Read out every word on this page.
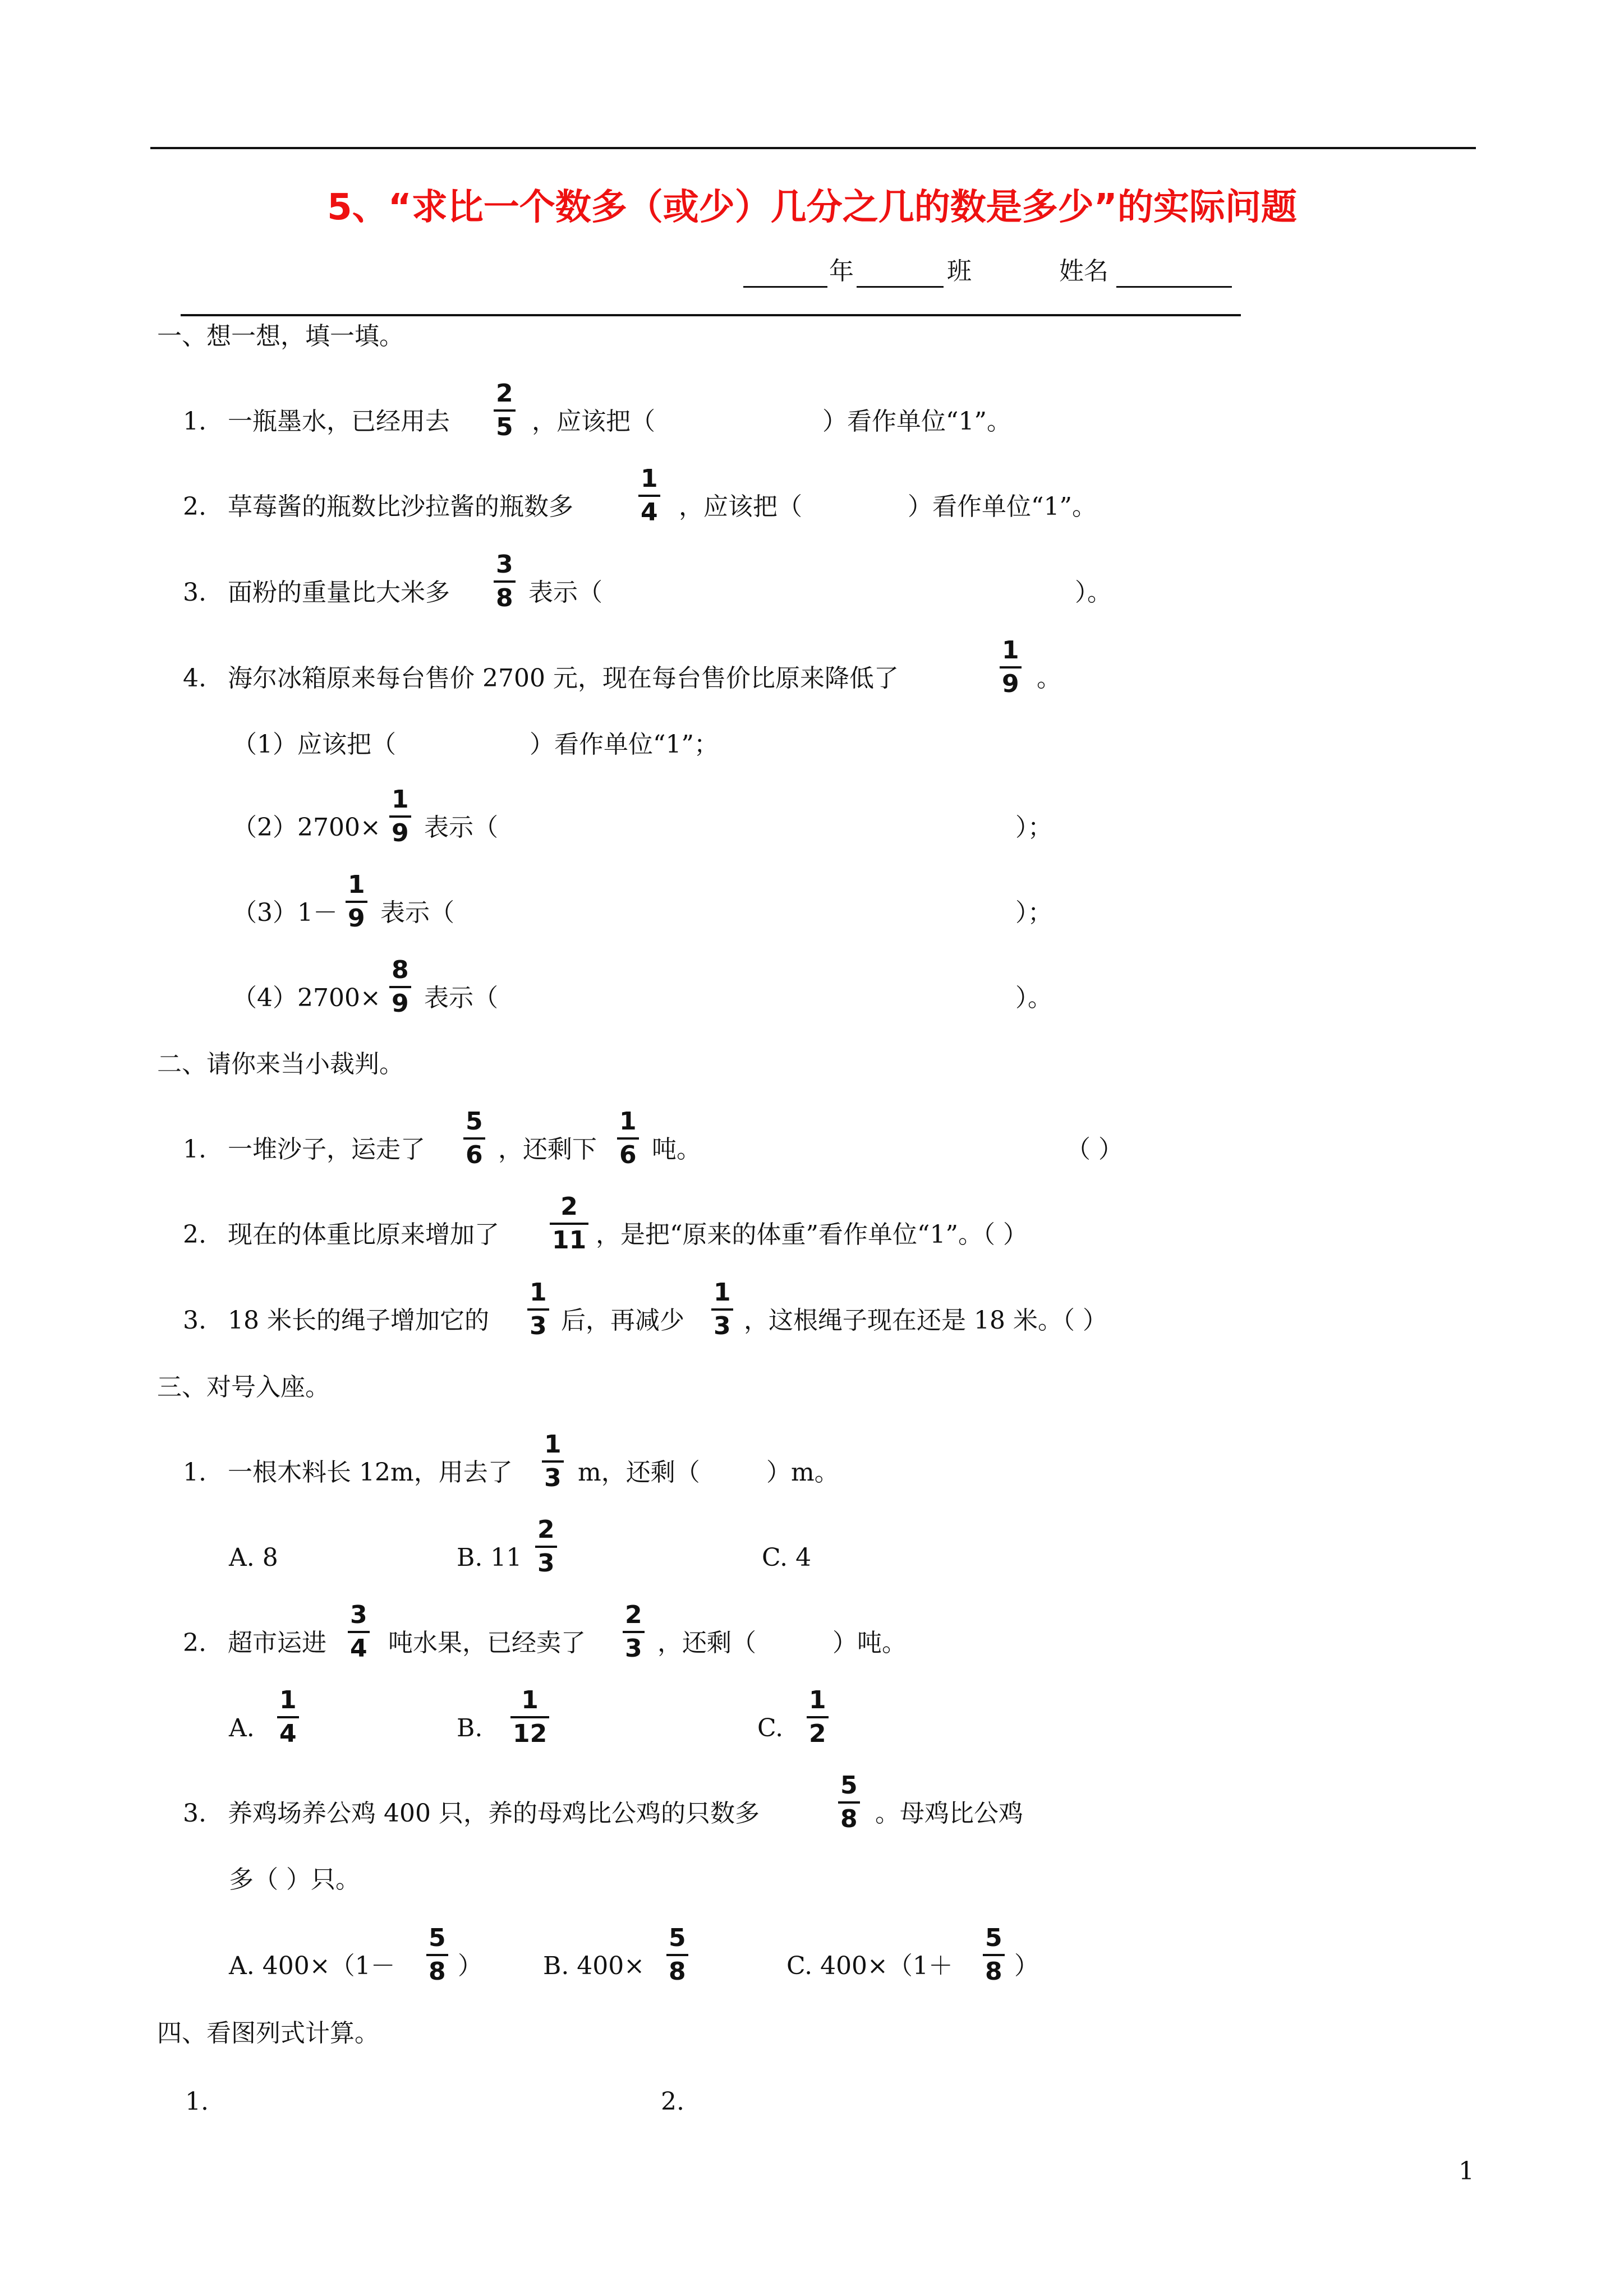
5、“求比一个数多（或少）几分之几的数是多少”的实际问题
年	班	姓名
一、想一想，填一填。
1. 一瓶墨水，已经用去
2
5 ，应该把（	）看作单位“1”。
2. 草莓酱的瓶数比沙拉酱的瓶数多
1
4 ，应该把（	）看作单位“1”。
3. 面粉的重量比大米多
3
8 表示（	）。
4. 海尔冰箱原来每台售价 2700 元，现在每台售价比原来降低了
1
9 。
（1）应该把（	）看作单位“1”；
（2）2700×
1
9 表示（	）；
（3）1－
1
9 表示（	）；
（4）2700×
8
9 表示（	）。
二、请你来当小裁判。
1. 一堆沙子，运走了
5
6 ，还剩下
1
6 吨。	（ ）
2. 现在的体重比原来增加了
2
11 ，是把“原来的体重”看作单位“1”。（ ）
3. 18 米长的绳子增加它的
1
3 后，再减少
1
3 ，这根绳子现在还是 18 米。（ ）
三、对号入座。
1. 一根木料长 12m，用去了
1
3 m，还剩（	）m。
A. 8	B. 11
2
3	C. 4
2. 超市运进
3
4 吨水果，已经卖了
2
3 ，还剩（	）吨。
A.
1
4	B.
1
12	C.
1
2
3. 养鸡场养公鸡 400 只，养的母鸡比公鸡的只数多
5
8 。母鸡比公鸡
多（ ）只。
A. 400×（1－
5
8 ） B. 400×
5
8	C. 400×（1＋
5
8 ）
四、看图列式计算。
1.	2.
1
